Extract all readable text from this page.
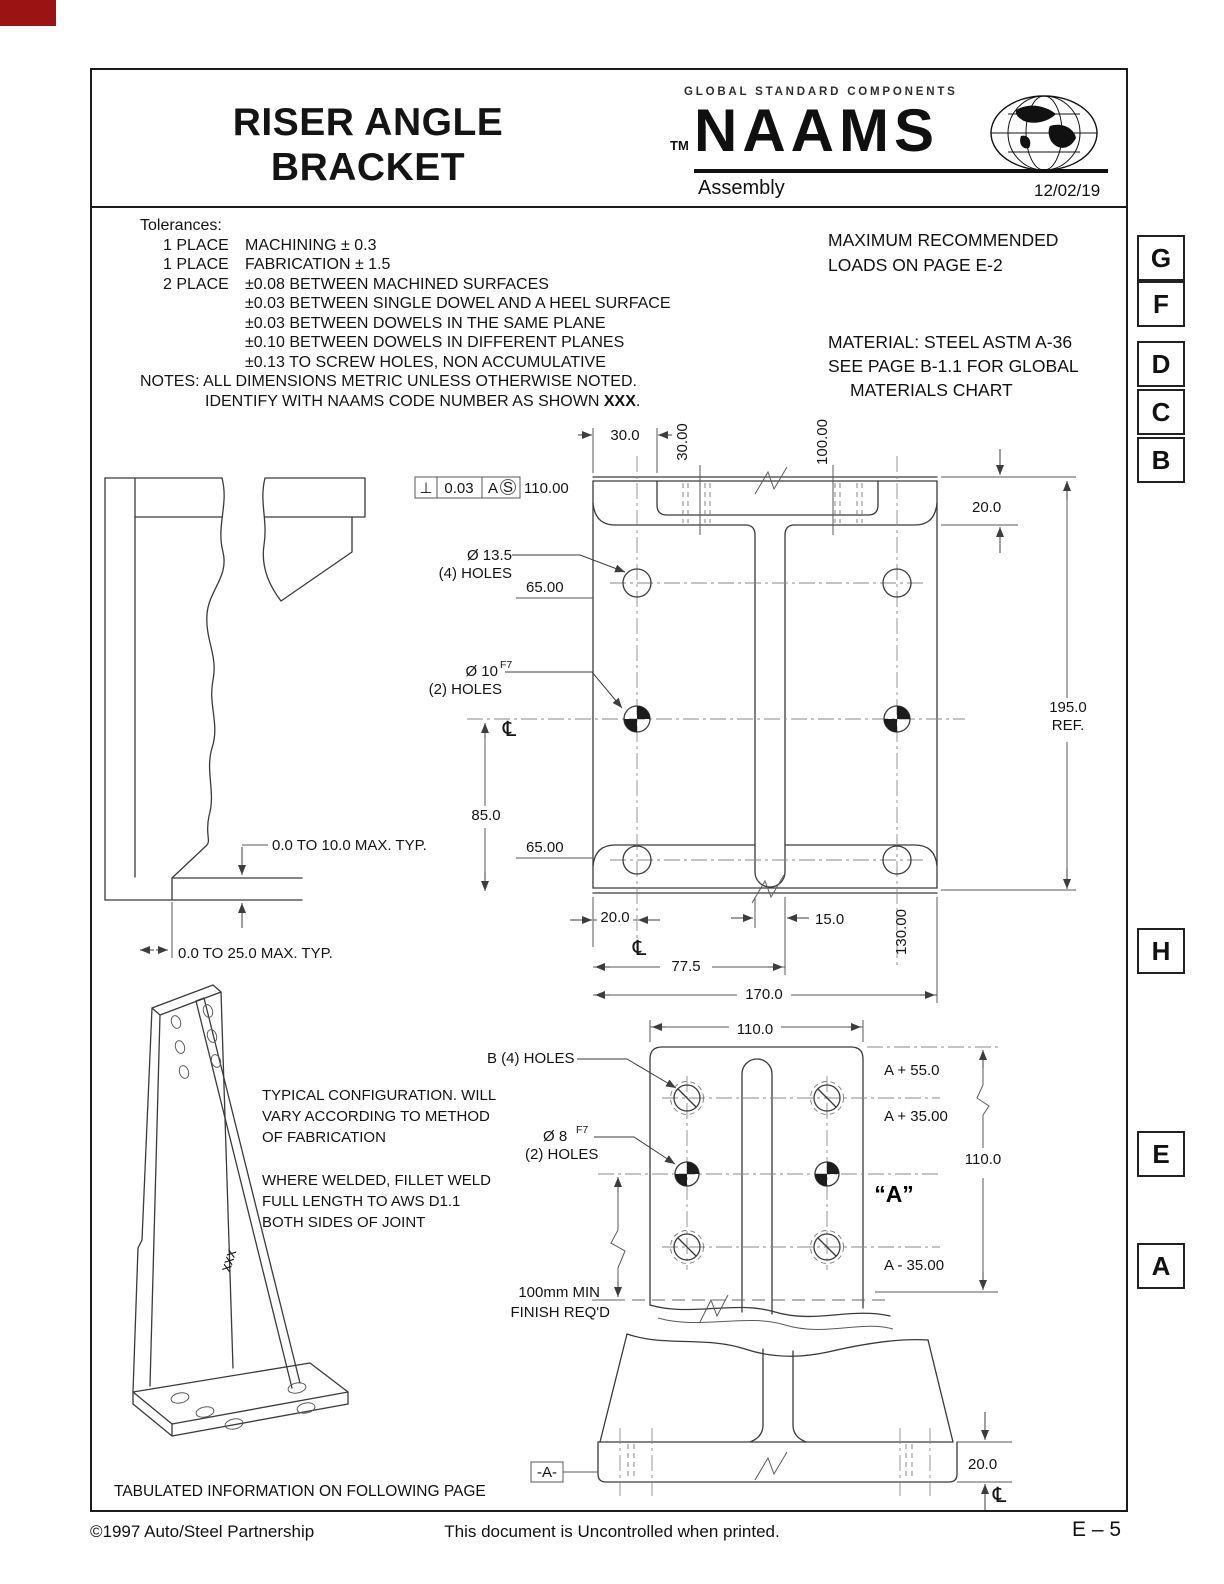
⊥ 0.03 A S
30.0 30.00	100.00
110.00
20.0
Ø 13.5
(4) HOLES
65.00
Ø 10 F7
(2) HOLES
℄
195.0
REF.
85.0
65.00
20.0
℄
15.0	130.00
77.5
170.0
0.0 TO 10.0 MAX. TYP.
0.0 TO 25.0 MAX. TYP.
xxx
TYPICAL CONFIGURATION. WILL
VARY ACCORDING TO METHOD
OF FABRICATION
WHERE WELDED, FILLET WELD
FULL LENGTH TO AWS D1.1
BOTH SIDES OF JOINT
110.0
B (4) HOLES
A + 55.0
A + 35.00
Ø 8 F7
(2) HOLES	110.0
“A”
A - 35.00
100mm MIN
FINISH REQ'D
-A-	20.0
℄
RISER ANGLE
BRACKET
GLOBAL STANDARD COMPONENTS
TM NAAMS
Assembly	12/02/19
Tolerances:
1 PLACE	MACHINING ± 0.3
1 PLACE	FABRICATION ± 1.5
2 PLACE	±0.08 BETWEEN MACHINED SURFACES
±0.03 BETWEEN SINGLE DOWEL AND A HEEL SURFACE
±0.03 BETWEEN DOWELS IN THE SAME PLANE
±0.10 BETWEEN DOWELS IN DIFFERENT PLANES
±0.13 TO SCREW HOLES, NON ACCUMULATIVE
NOTES: ALL DIMENSIONS METRIC UNLESS OTHERWISE NOTED.
IDENTIFY WITH NAAMS CODE NUMBER AS SHOWN XXX.
MAXIMUM RECOMMENDED
LOADS ON PAGE E-2
MATERIAL: STEEL ASTM A-36
SEE PAGE B-1.1 FOR GLOBAL
MATERIALS CHART
G
F
D
C
B
H
E
A
TABULATED INFORMATION ON FOLLOWING PAGE
©1997 Auto/Steel Partnership	This document is Uncontrolled when printed.	E – 5
